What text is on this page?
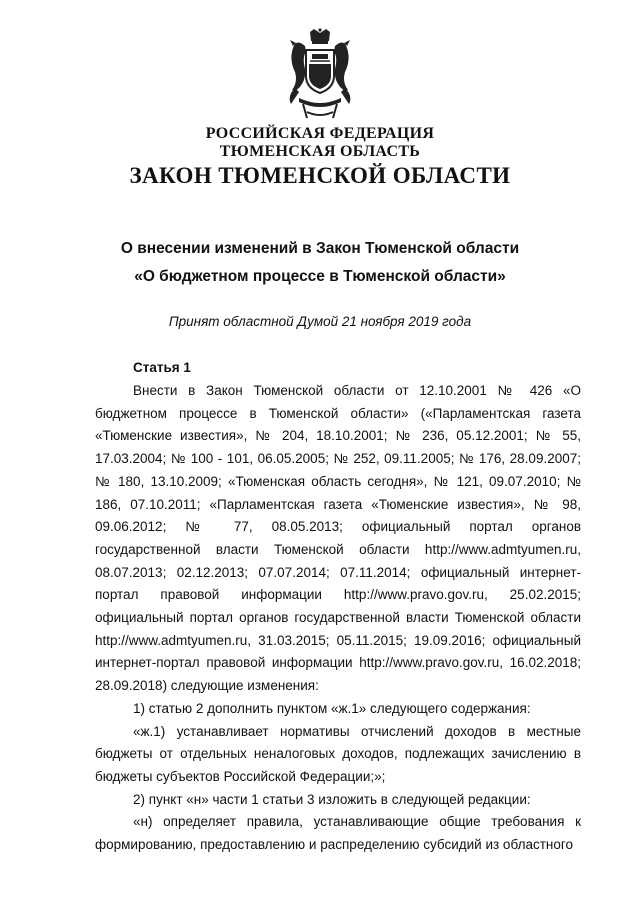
РОССИЙСКАЯ ФЕДЕРАЦИЯ
ТЮМЕНСКАЯ ОБЛАСТЬ
ЗАКОН ТЮМЕНСКОЙ ОБЛАСТИ
О внесении изменений в Закон Тюменской области
«О бюджетном процессе в Тюменской области»
Принят областной Думой 21 ноября 2019 года
Статья 1

Внести в Закон Тюменской области от 12.10.2001 № 426 «О бюджетном процессе в Тюменской области» («Парламентская газета «Тюменские известия», № 204, 18.10.2001; № 236, 05.12.2001; № 55, 17.03.2004; № 100 - 101, 06.05.2005; № 252, 09.11.2005; № 176, 28.09.2007; № 180, 13.10.2009; «Тюменская область сегодня», № 121, 09.07.2010; № 186, 07.10.2011; «Парламентская газета «Тюменские известия», № 98, 09.06.2012; № 77, 08.05.2013; официальный портал органов государственной власти Тюменской области http://www.admtyumen.ru, 08.07.2013; 02.12.2013; 07.07.2014; 07.11.2014; официальный интернет-портал правовой информации http://www.pravo.gov.ru, 25.02.2015; официальный портал органов государственной власти Тюменской области http://www.admtyumen.ru, 31.03.2015; 05.11.2015; 19.09.2016; официальный интернет-портал правовой информации http://www.pravo.gov.ru, 16.02.2018; 28.09.2018) следующие изменения:

1) статью 2 дополнить пунктом «ж.1» следующего содержания:

«ж.1) устанавливает нормативы отчислений доходов в местные бюджеты от отдельных неналоговых доходов, подлежащих зачислению в бюджеты субъектов Российской Федерации;»;

2) пункт «н» части 1 статьи 3 изложить в следующей редакции:

«н) определяет правила, устанавливающие общие требования к формированию, предоставлению и распределению субсидий из областного
